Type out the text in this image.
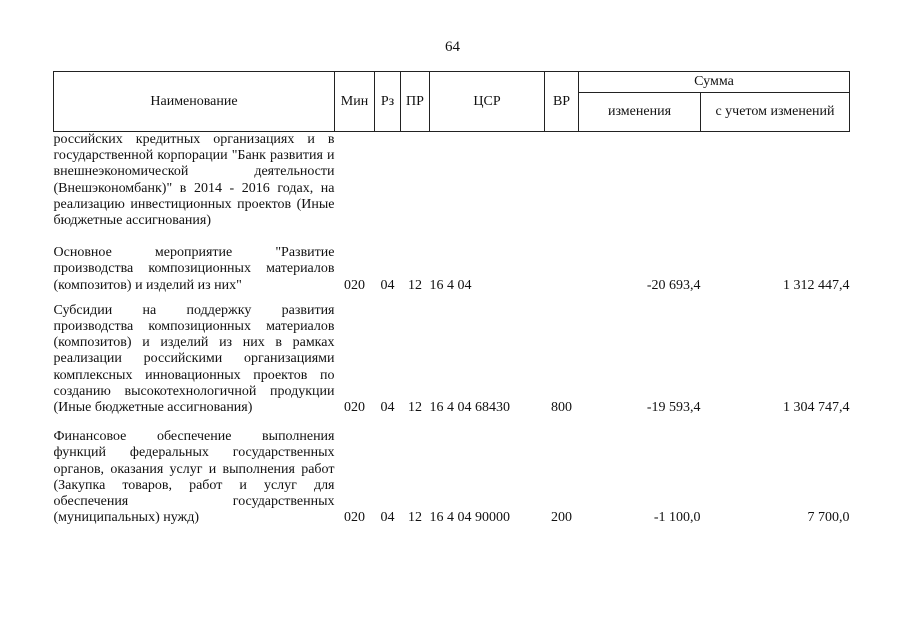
64
Наименование	Мин	Рз	ПР	ЦСР	ВР	Сумма	
						изменения	с учетом изменений
российских кредитных организациях и в государственной корпорации "Банк развития и внешнеэкономической деятельности (Внешэкономбанк)" в 2014 - 2016 годах, на реализацию инвестиционных проектов (Иные бюджетные ассигнования)							
Основное мероприятие "Развитие производства композиционных материалов (композитов) и изделий из них"	020	04	12	16 4 04		-20 693,4	1 312 447,4
Субсидии на поддержку развития производства композиционных материалов (композитов) и изделий из них в рамках реализации российскими организациями комплексных инновационных проектов по созданию высокотехнологичной продукции (Иные бюджетные ассигнования)	020	04	12	16 4 04 68430	800	-19 593,4	1 304 747,4
Финансовое обеспечение выполнения функций федеральных государственных органов, оказания услуг и выполнения работ (Закупка товаров, работ и услуг для обеспечения государственных (муниципальных) нужд)	020	04	12	16 4 04 90000	200	-1 100,0	7 700,0
